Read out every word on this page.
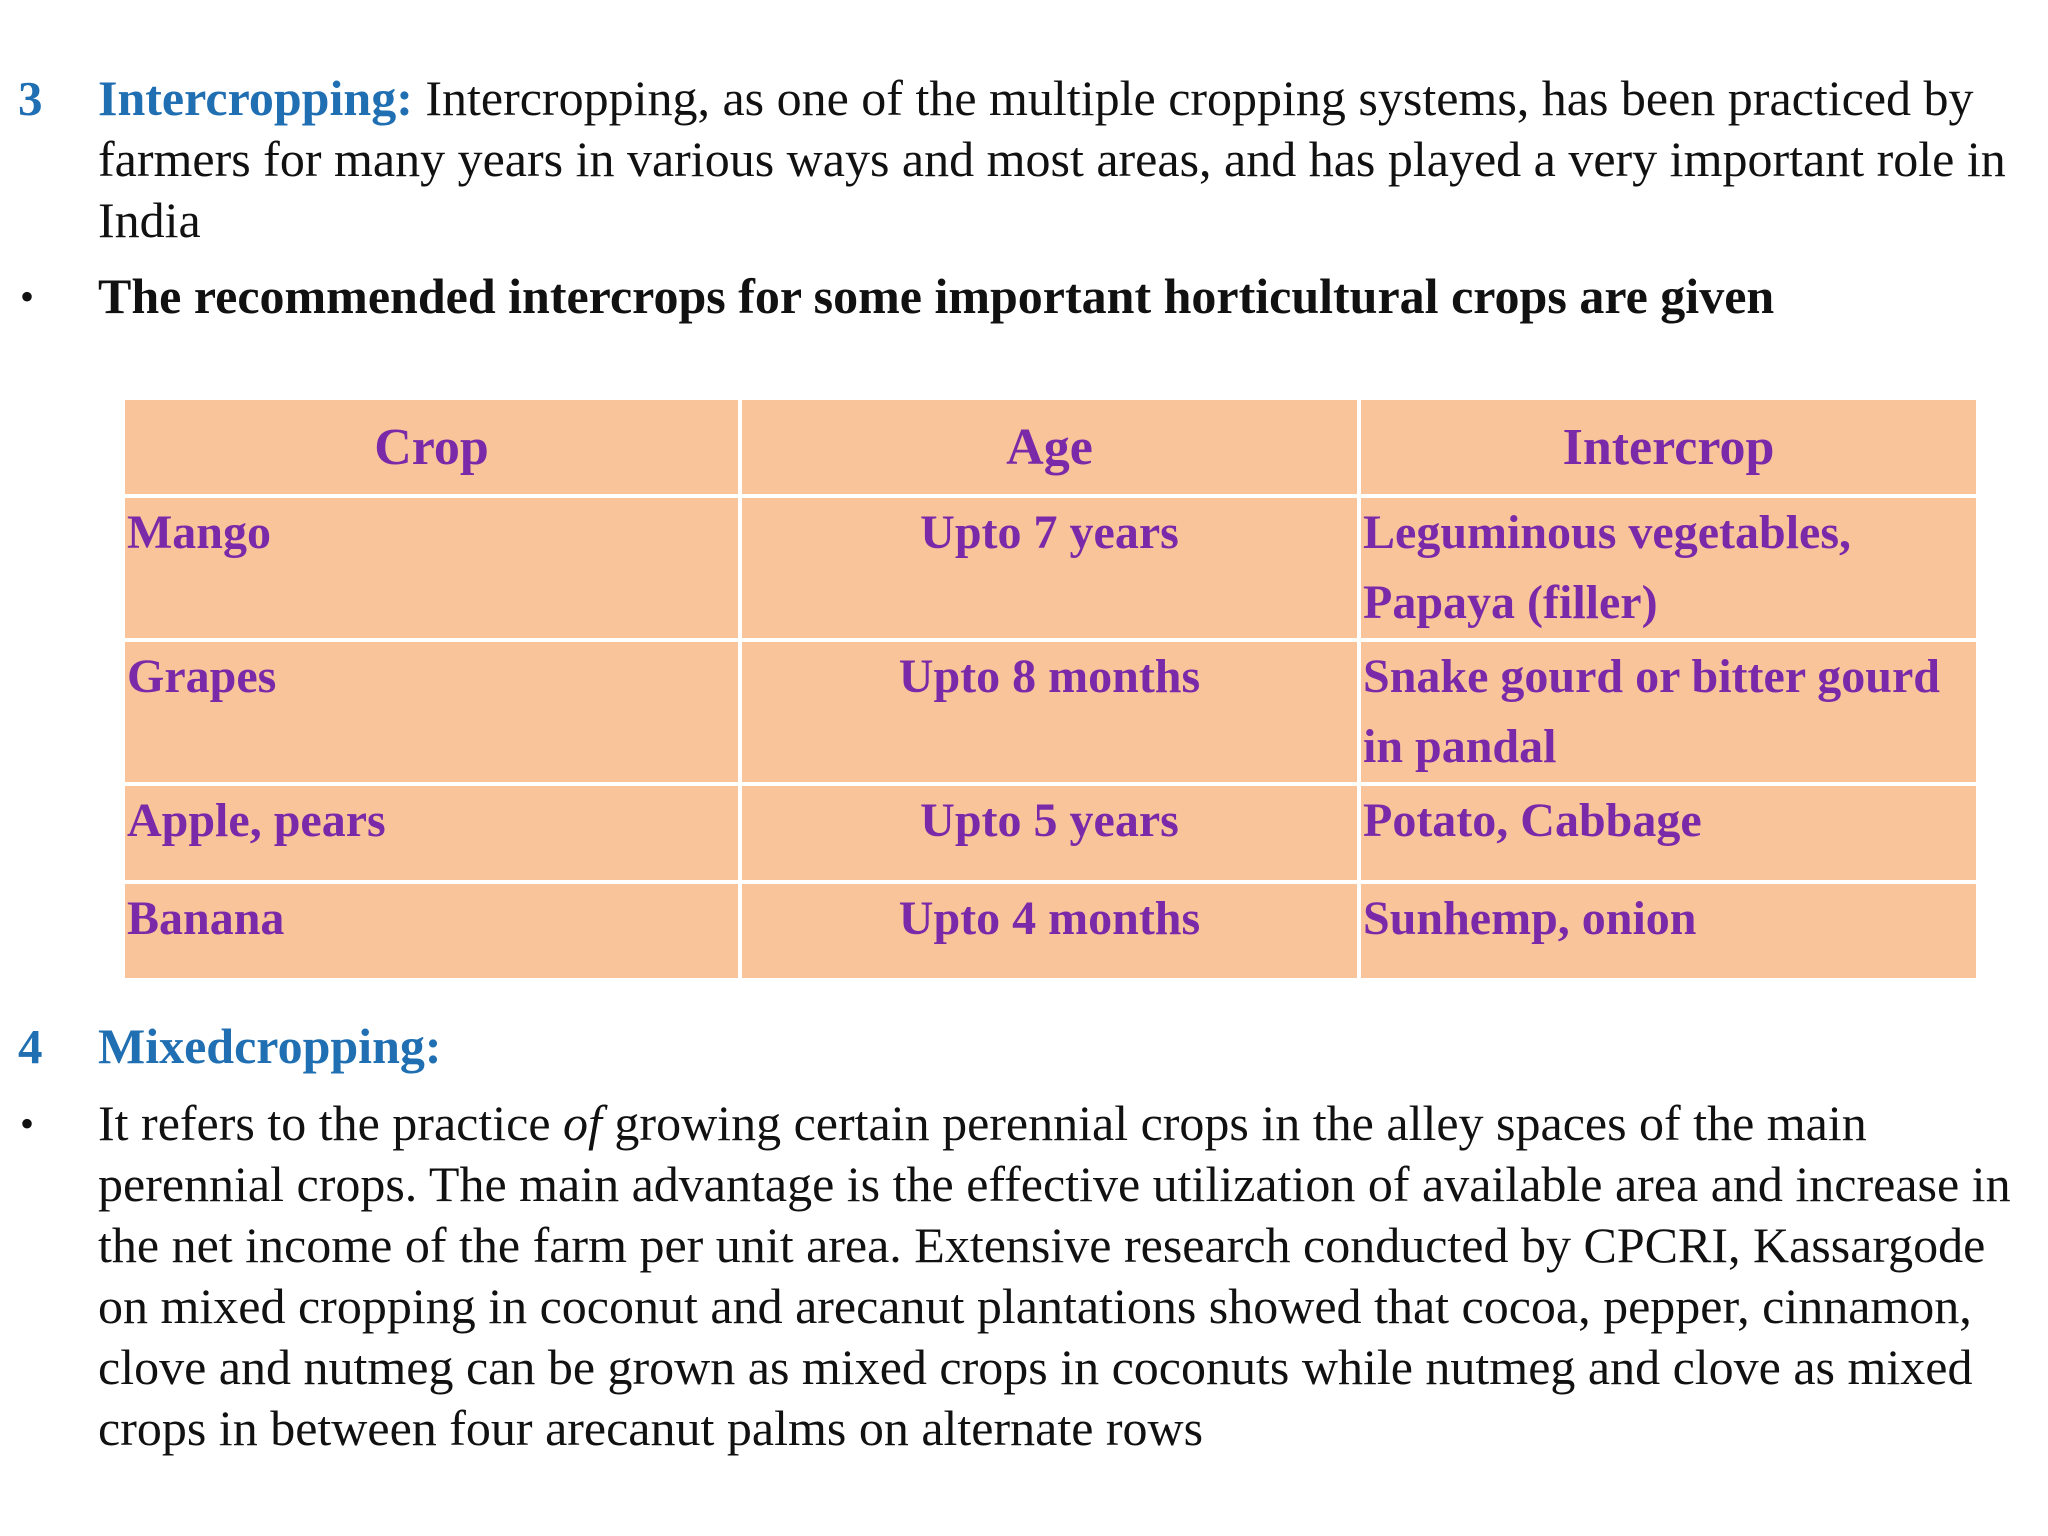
3 Intercropping: Intercropping, as one of the multiple cropping systems, has been practiced by farmers for many years in various ways and most areas, and has played a very important role in India
• The recommended intercrops for some important horticultural crops are given
Crop	Age	Intercrop
Mango	Upto 7 years	Leguminous vegetables, Papaya (filler)
Grapes	Upto 8 months	Snake gourd or bitter gourd in pandal
Apple, pears	Upto 5 years	Potato, Cabbage
Banana	Upto 4 months	Sunhemp, onion
4 Mixedcropping:
• It refers to the practice of growing certain perennial crops in the alley spaces of the main perennial crops. The main advantage is the effective utilization of available area and increase in the net income of the farm per unit area. Extensive research conducted by CPCRI, Kassargode on mixed cropping in coconut and arecanut plantations showed that cocoa, pepper, cinnamon, clove and nutmeg can be grown as mixed crops in coconuts while nutmeg and clove as mixed crops in between four arecanut palms on alternate rows
